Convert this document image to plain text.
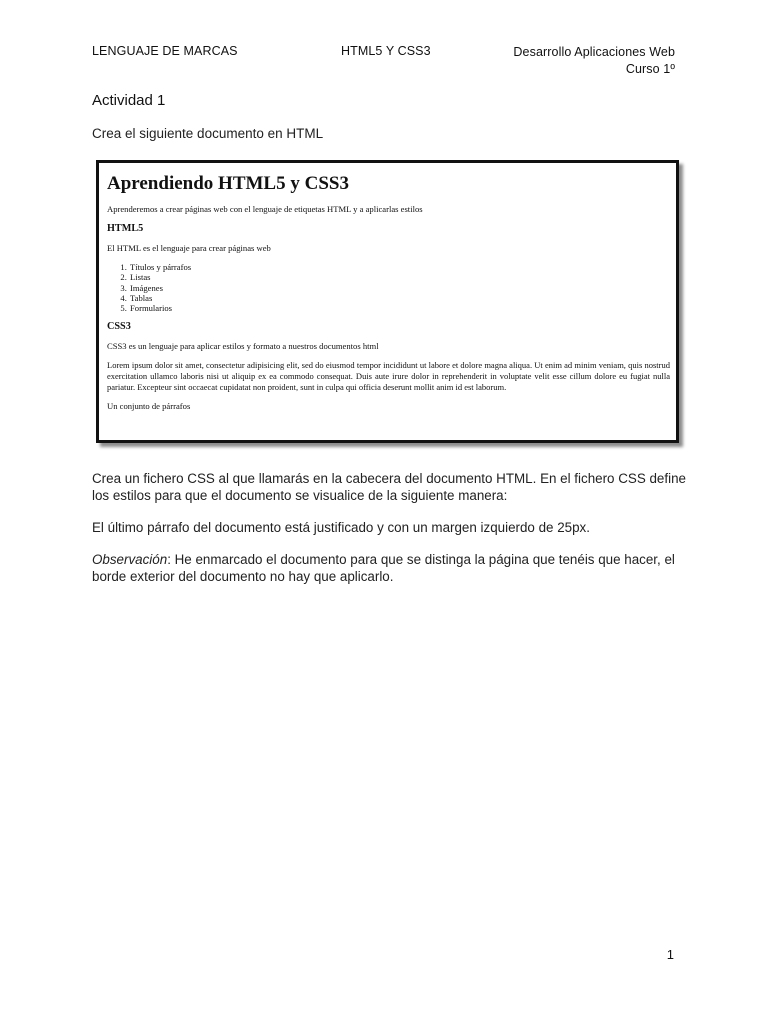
LENGUAJE DE MARCAS	HTML5 Y CSS3	Desarrollo Aplicaciones Web
Curso 1º
Actividad 1
Crea el siguiente documento en HTML
Aprendiendo HTML5 y CSS3

Aprenderemos a crear páginas web con el lenguaje de etiquetas HTML y a aplicarlas estilos

HTML5

El HTML es el lenguaje para crear páginas web

1. Títulos y párrafos
2. Listas
3. Imágenes
4. Tablas
5. Formularios
CSS3

CSS3 es un lenguaje para aplicar estilos y formato a nuestros documentos html

Lorem ipsum dolor sit amet, consectetur adipisicing elit, sed do eiusmod tempor incididunt ut labore et dolore magna aliqua. Ut enim ad minim veniam, quis nostrud exercitation ullamco laboris nisi ut aliquip ex ea commodo consequat. Duis aute irure dolor in reprehenderit in voluptate velit esse cillum dolore eu fugiat nulla pariatur. Excepteur sint occaecat cupidatat non proident, sunt in culpa qui officia deserunt mollit anim id est laborum.

Un conjunto de párrafos

Crea un fichero CSS al que llamarás en la cabecera del documento HTML. En el fichero CSS define los estilos para que el documento se visualice de la siguiente manera:
El último párrafo del documento está justificado y con un margen izquierdo de 25px.
Observación: He enmarcado el documento para que se distinga la página que tenéis que hacer, el borde exterior del documento no hay que aplicarlo.
1
